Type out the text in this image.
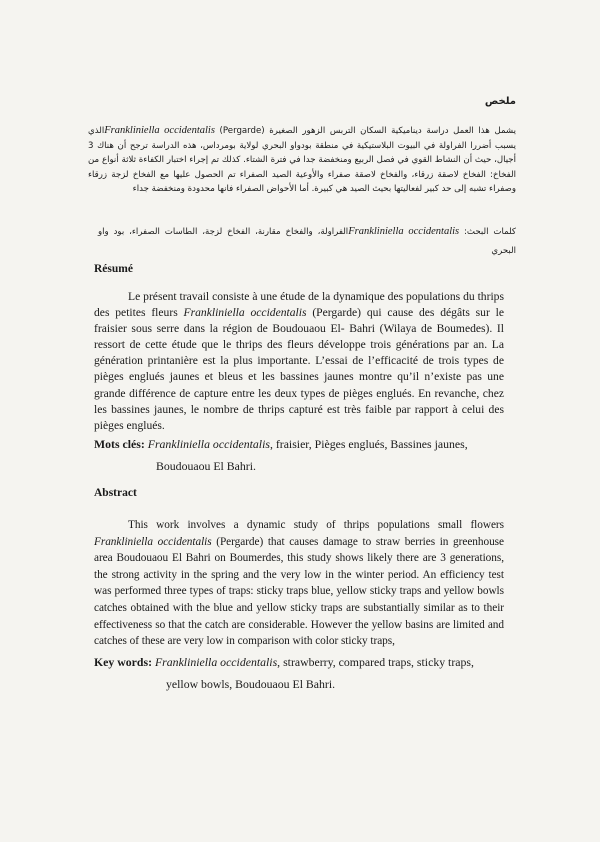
ملخص
يشمل هذا العمل دراسة ديناميكية السكان التربس الزهور الصغيرة Frankliniella occidentalis (Pergarde)الذي يسبب أضررا الفراولة في البيوت البلاستيكية في منطقة بودواو البحري لولاية بومرداس، هذه الدراسة ترجح أن هناك 3 أجيال، حيث أن النشاط القوي في فصل الربيع ومنخفضة جدا في فترة الشتاء. كذلك تم إجراء اختبار الكفاءة ثلاثة أنواع من الفخاخ: الفخاخ لاصقة زرقاء، والفخاخ لاصقة صفراء والأوعية الصيد الصفراء تم الحصول عليها مع الفخاخ لزجة زرقاء وصفراء تشبه إلى حد كبير لفعاليتها بحيث الصيد هي كبيرة. أما الأحواض الصفراء فانها محدودة ومنخفضة جداء
كلمات البحث: Frankliniella occidentalisالفراولة، والفخاخ مقارنة، الفخاخ لزجة، الطاسات الصفراء، بود واو البحري
Résumé
Le présent travail consiste à une étude de la dynamique des populations du thrips des petites fleurs Frankliniella occidentalis (Pergarde) qui cause des dégâts sur le fraisier sous serre dans la région de Boudouaou El- Bahri (Wilaya de Boumedes). Il ressort de cette étude que le thrips des fleurs développe trois générations par an. La génération printanière est la plus importante. L’essai de l’efficacité de trois types de pièges englués jaunes et bleus et les bassines jaunes montre qu’il n’existe pas une grande différence de capture entre les deux types de pièges englués. En revanche, chez les bassines jaunes, le nombre de thrips capturé est très faible par rapport à celui des pièges englués.
Mots clés: Frankliniella occidentalis, fraisier, Pièges englués, Bassines jaunes,
Boudouaou El Bahri.
Abstract
This work involves a dynamic study of thrips populations small flowers Frankliniella occidentalis (Pergarde) that causes damage to straw berries in greenhouse area Boudouaou El Bahri on Boumerdes, this study shows likely there are 3 generations, the strong activity in the spring and the very low in the winter period. An efficiency test was performed three types of traps: sticky traps blue, yellow sticky traps and yellow bowls catches obtained with the blue and yellow sticky traps are substantially similar as to their effectiveness so that the catch are considerable. However the yellow basins are limited and catches of these are very low in comparison with color sticky traps,
Key words: Frankliniella occidentalis, strawberry, compared traps, sticky traps,
yellow bowls, Boudouaou El Bahri.
